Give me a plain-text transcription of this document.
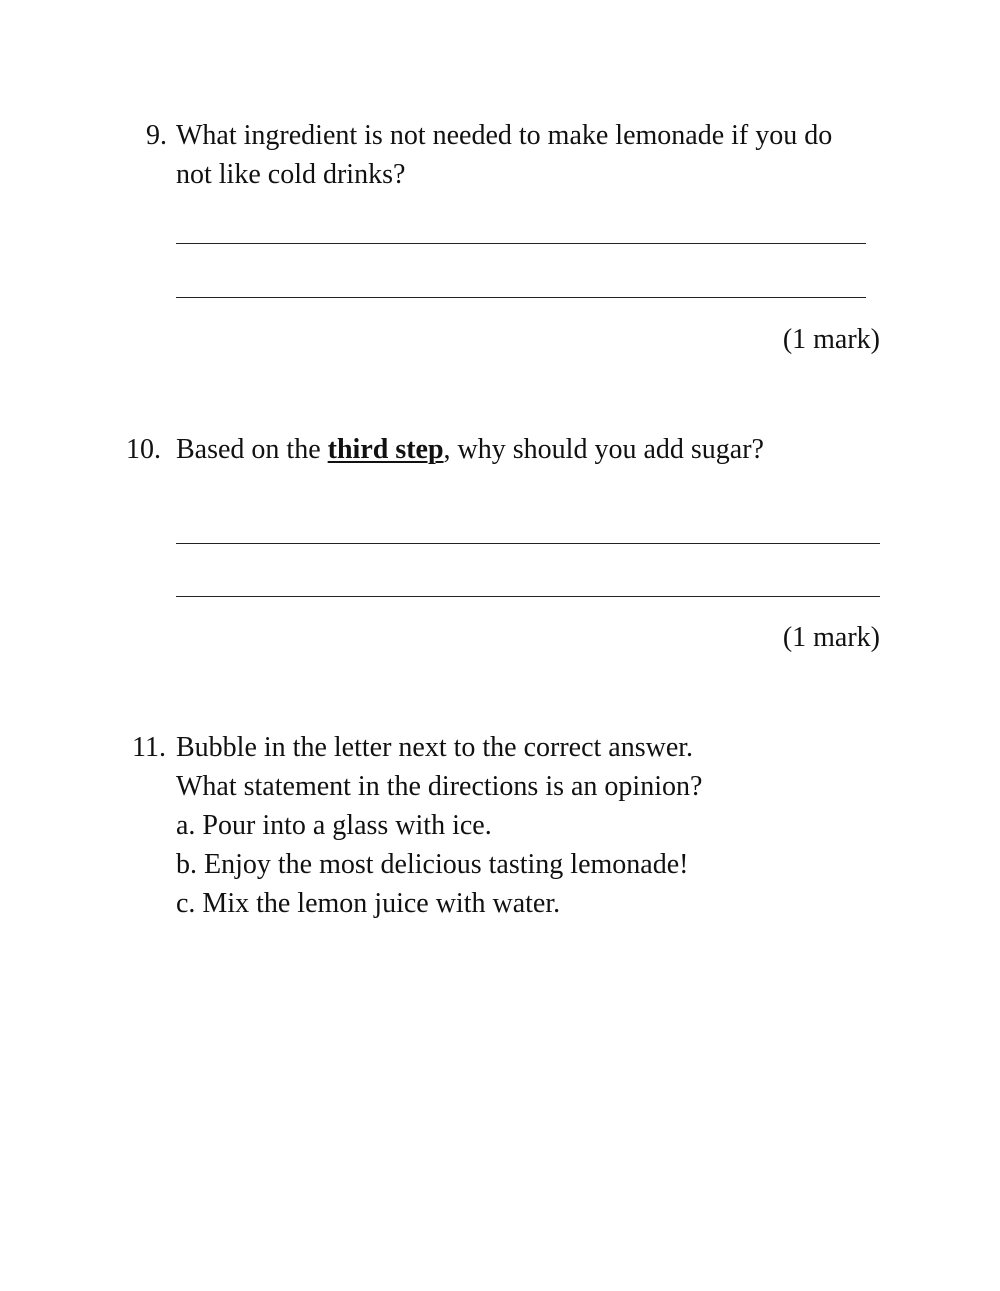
9. What ingredient is not needed to make lemonade if you do
not like cold drinks?
(1 mark)
10. Based on the third step, why should you add sugar?
(1 mark)
11. Bubble in the letter next to the correct answer.
What statement in the directions is an opinion?
a. Pour into a glass with ice.
b. Enjoy the most delicious tasting lemonade!
c. Mix the lemon juice with water.
